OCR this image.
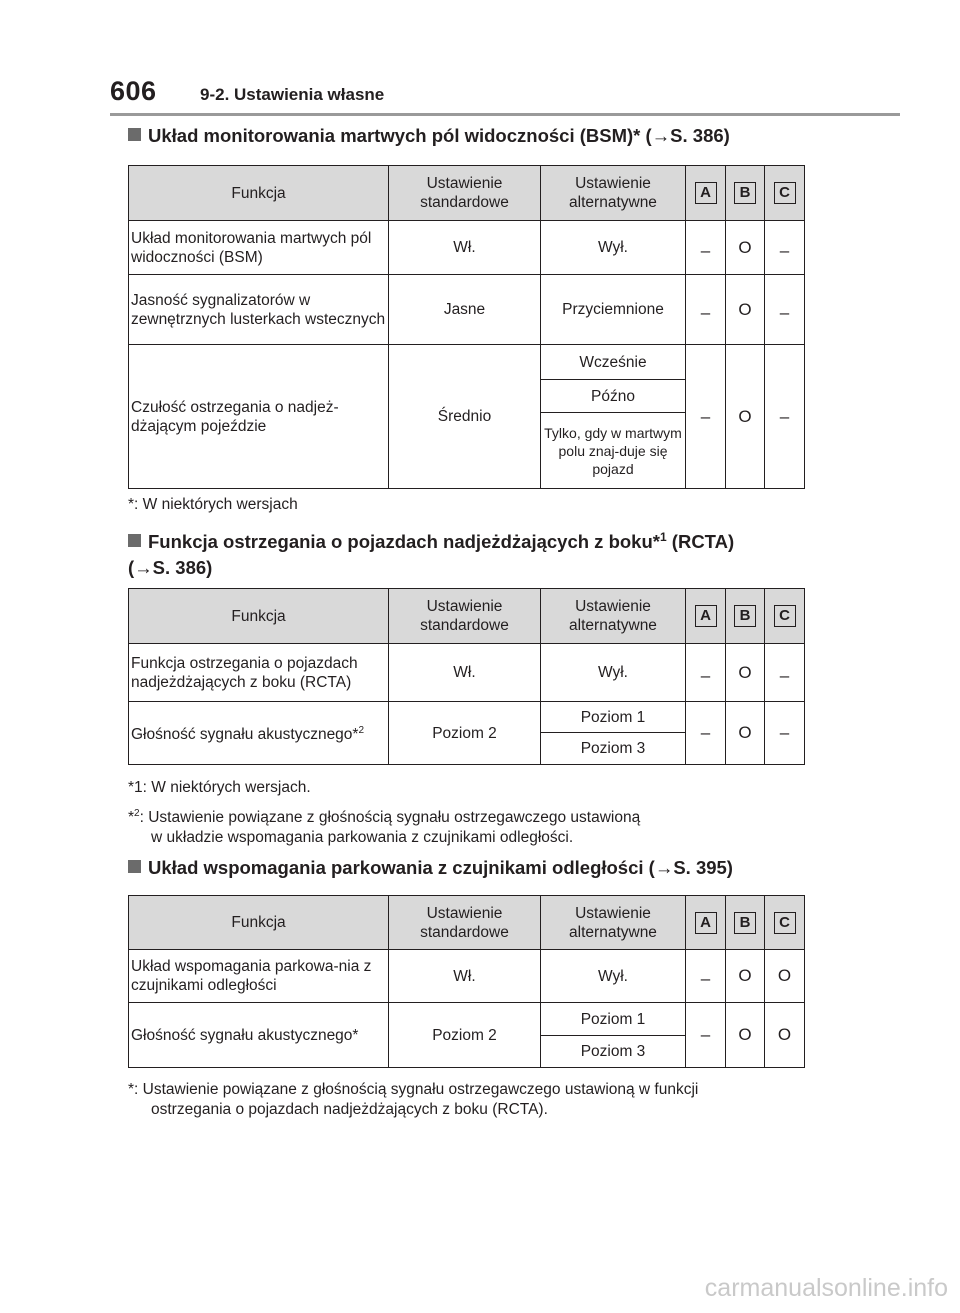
606	9-2. Ustawienia własne
Układ monitorowania martwych pól widoczności (BSM)* (→S. 386)
Funkcja	Ustawienie standardowe	Ustawienie alternatywne	A	B	C
Układ monitorowania martwych pól widoczności (BSM)	Wł.	Wył.	–	O	–
Jasność sygnalizatorów w zewnętrznych lusterkach wstecznych	Jasne	Przyciemnione	–	O	–
Czułość ostrzegania o nadjeż-dżającym pojeździe	Średnio	Wcześnie	–	O	–
		Późno			
		Tylko, gdy w martwym polu znaj-duje się pojazd			
*: W niektórych wersjach
Funkcja ostrzegania o pojazdach nadjeżdżających z boku*$^1$ (RCTA)
(→S. 386)
Funkcja	Ustawienie standardowe	Ustawienie alternatywne	A	B	C
Funkcja ostrzegania o pojazdach nadjeżdżających z boku (RCTA)	Wł.	Wył.	–	O	–
Głośność sygnału akustycznego*$^2$	Poziom 2	Poziom 1	–	O	–
		Poziom 3			
*1: W niektórych wersjach.
*$^2$: Ustawienie powiązane z głośnością sygnału ostrzegawczego ustawioną
w układzie wspomagania parkowania z czujnikami odległości.
Układ wspomagania parkowania z czujnikami odległości (→S. 395)
Funkcja	Ustawienie standardowe	Ustawienie alternatywne	A	B	C
Układ wspomagania parkowa-nia z czujnikami odległości	Wł.	Wył.	–	O	O
Głośność sygnału akustycznego*	Poziom 2	Poziom 1	–	O	O
		Poziom 3			
*: Ustawienie powiązane z głośnością sygnału ostrzegawczego ustawioną w funkcji
ostrzegania o pojazdach nadjeżdżających z boku (RCTA).
carmanualsonline.info
